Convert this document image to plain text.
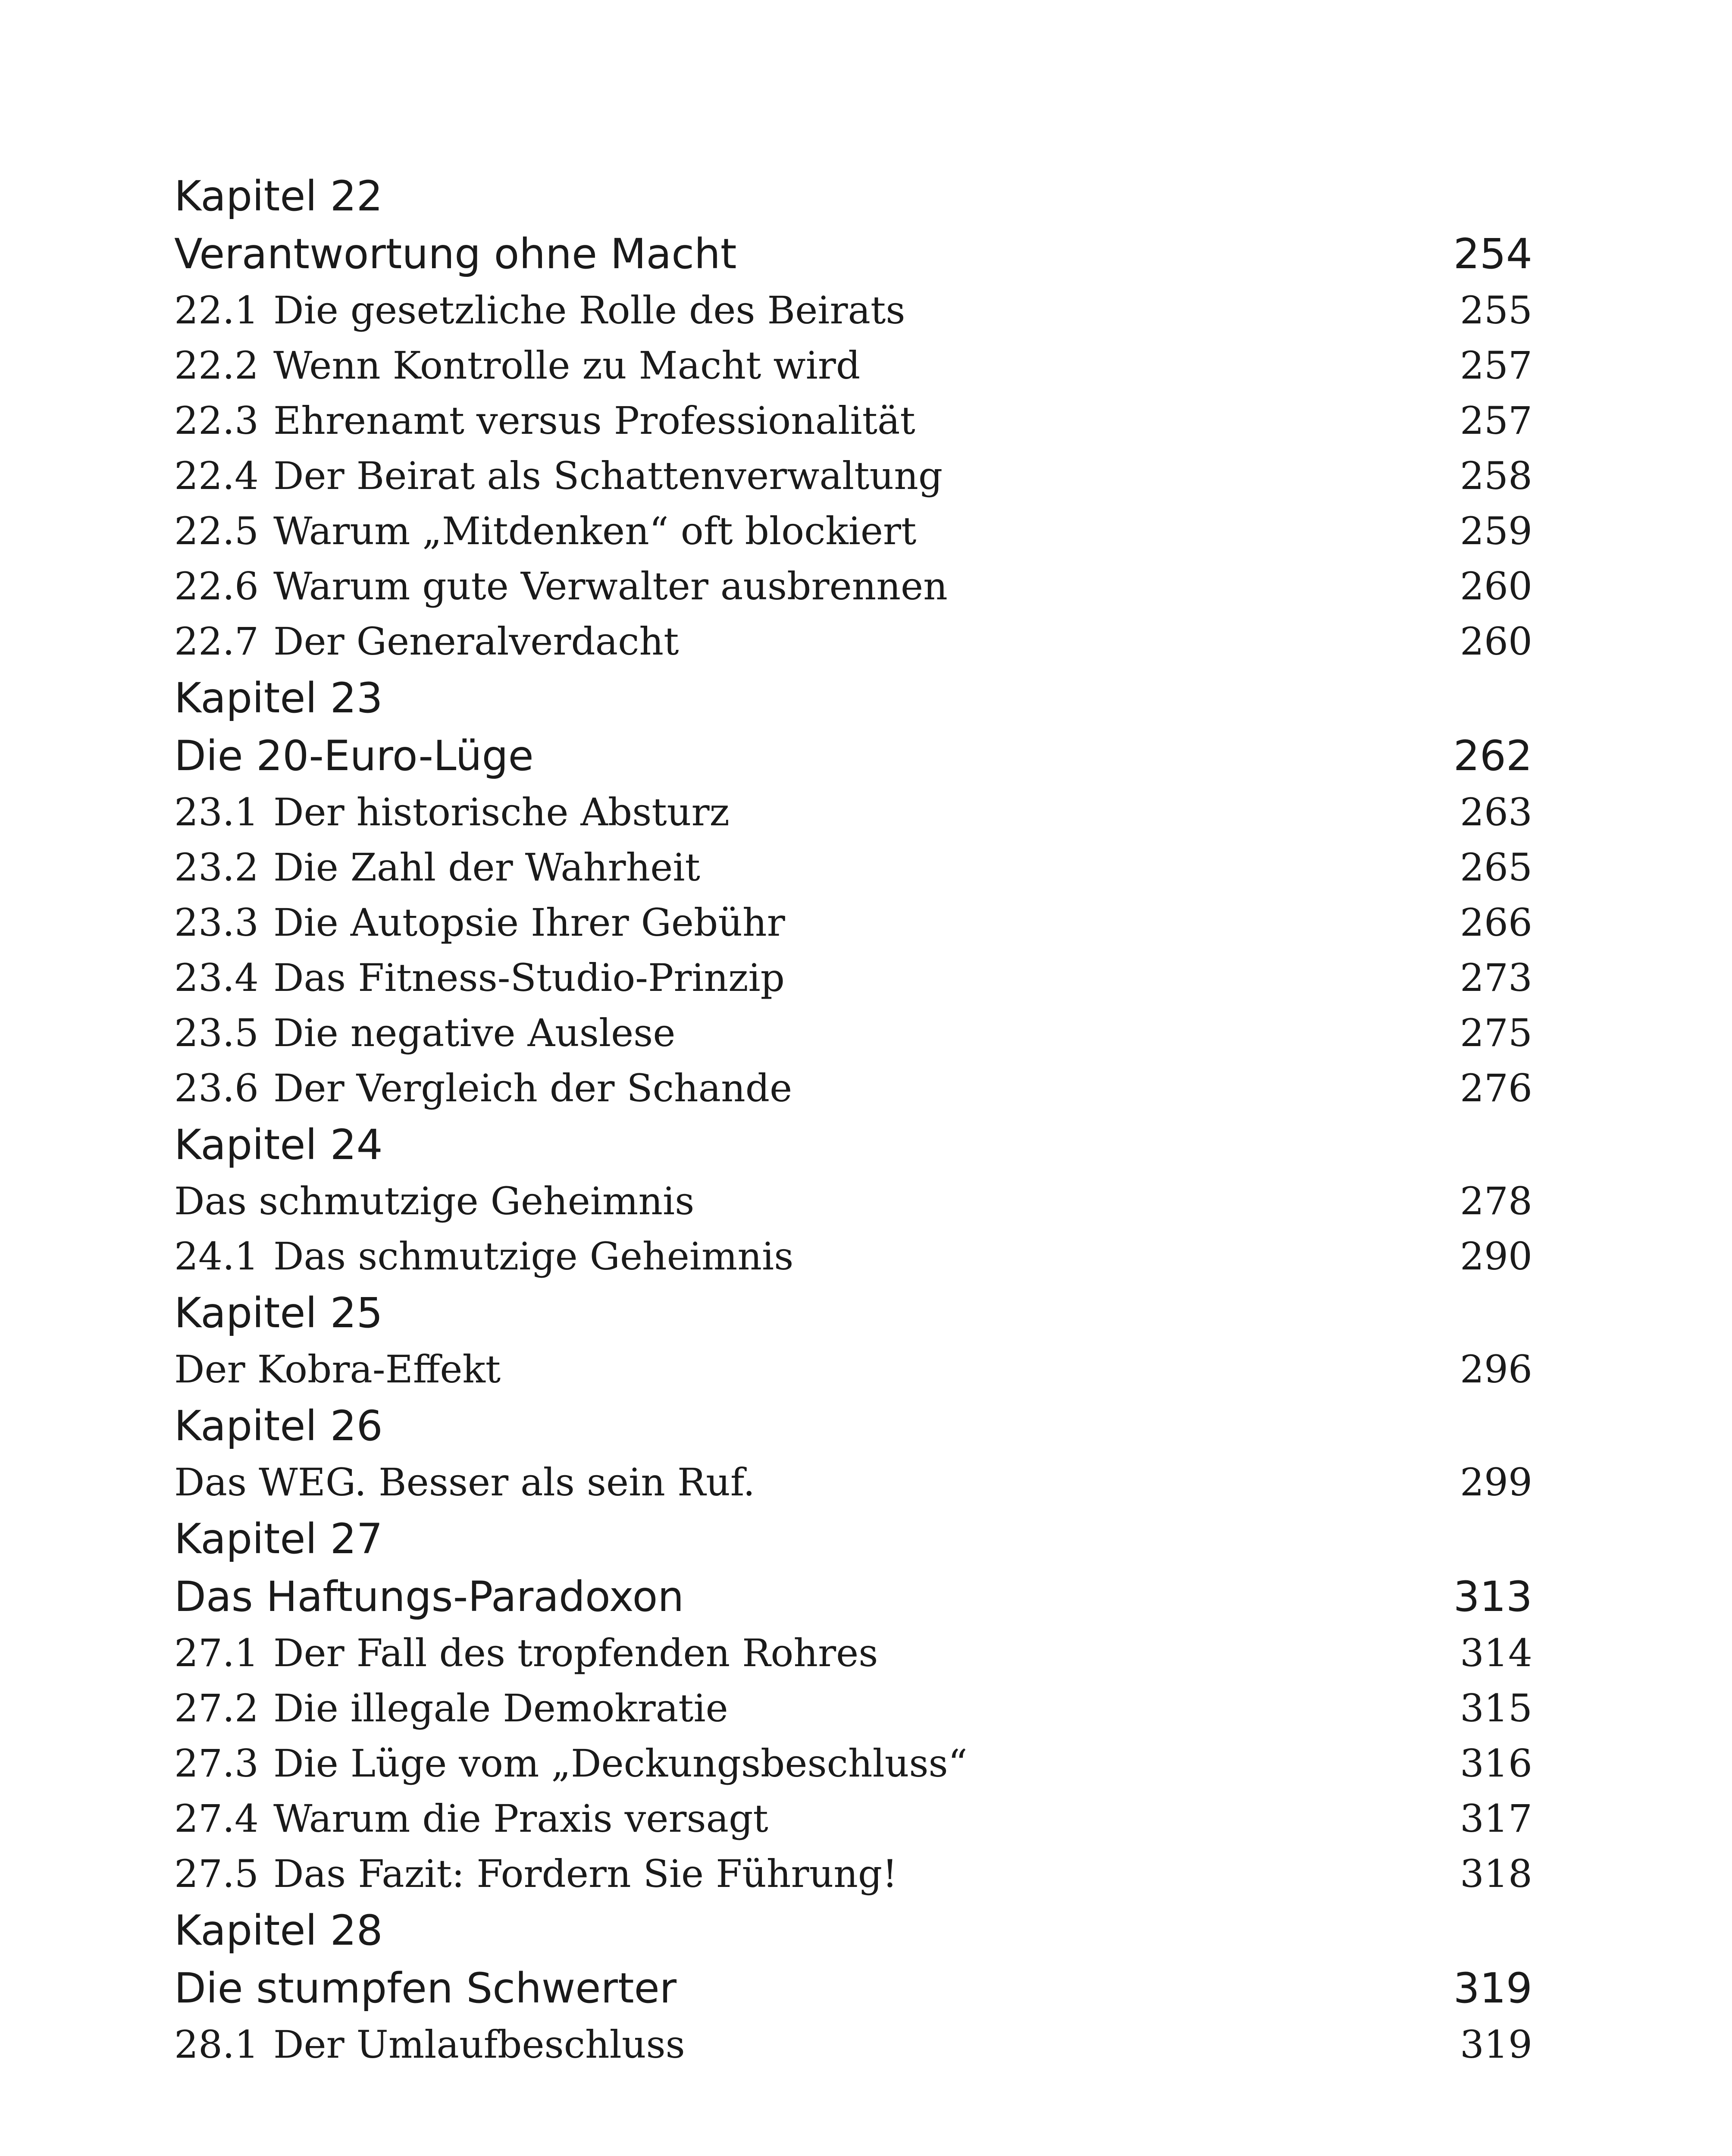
Kapitel 22
Verantwortung ohne Macht	254
22.1 Die gesetzliche Rolle des Beirats	255
22.2 Wenn Kontrolle zu Macht wird	257
22.3 Ehrenamt versus Professionalität	257
22.4 Der Beirat als Schattenverwaltung	258
22.5 Warum „Mitdenken“ oft blockiert	259
22.6 Warum gute Verwalter ausbrennen	260
22.7 Der Generalverdacht	260
Kapitel 23
Die 20-Euro-Lüge	262
23.1 Der historische Absturz	263
23.2 Die Zahl der Wahrheit	265
23.3 Die Autopsie Ihrer Gebühr	266
23.4 Das Fitness-Studio-Prinzip	273
23.5 Die negative Auslese	275
23.6 Der Vergleich der Schande	276
Kapitel 24
Das schmutzige Geheimnis	278
24.1 Das schmutzige Geheimnis	290
Kapitel 25
Der Kobra-Effekt	296
Kapitel 26
Das WEG. Besser als sein Ruf.	299
Kapitel 27
Das Haftungs-Paradoxon	313
27.1 Der Fall des tropfenden Rohres	314
27.2 Die illegale Demokratie	315
27.3 Die Lüge vom „Deckungsbeschluss“	316
27.4 Warum die Praxis versagt	317
27.5 Das Fazit: Fordern Sie Führung!	318
Kapitel 28
Die stumpfen Schwerter	319
28.1 Der Umlaufbeschluss	319
